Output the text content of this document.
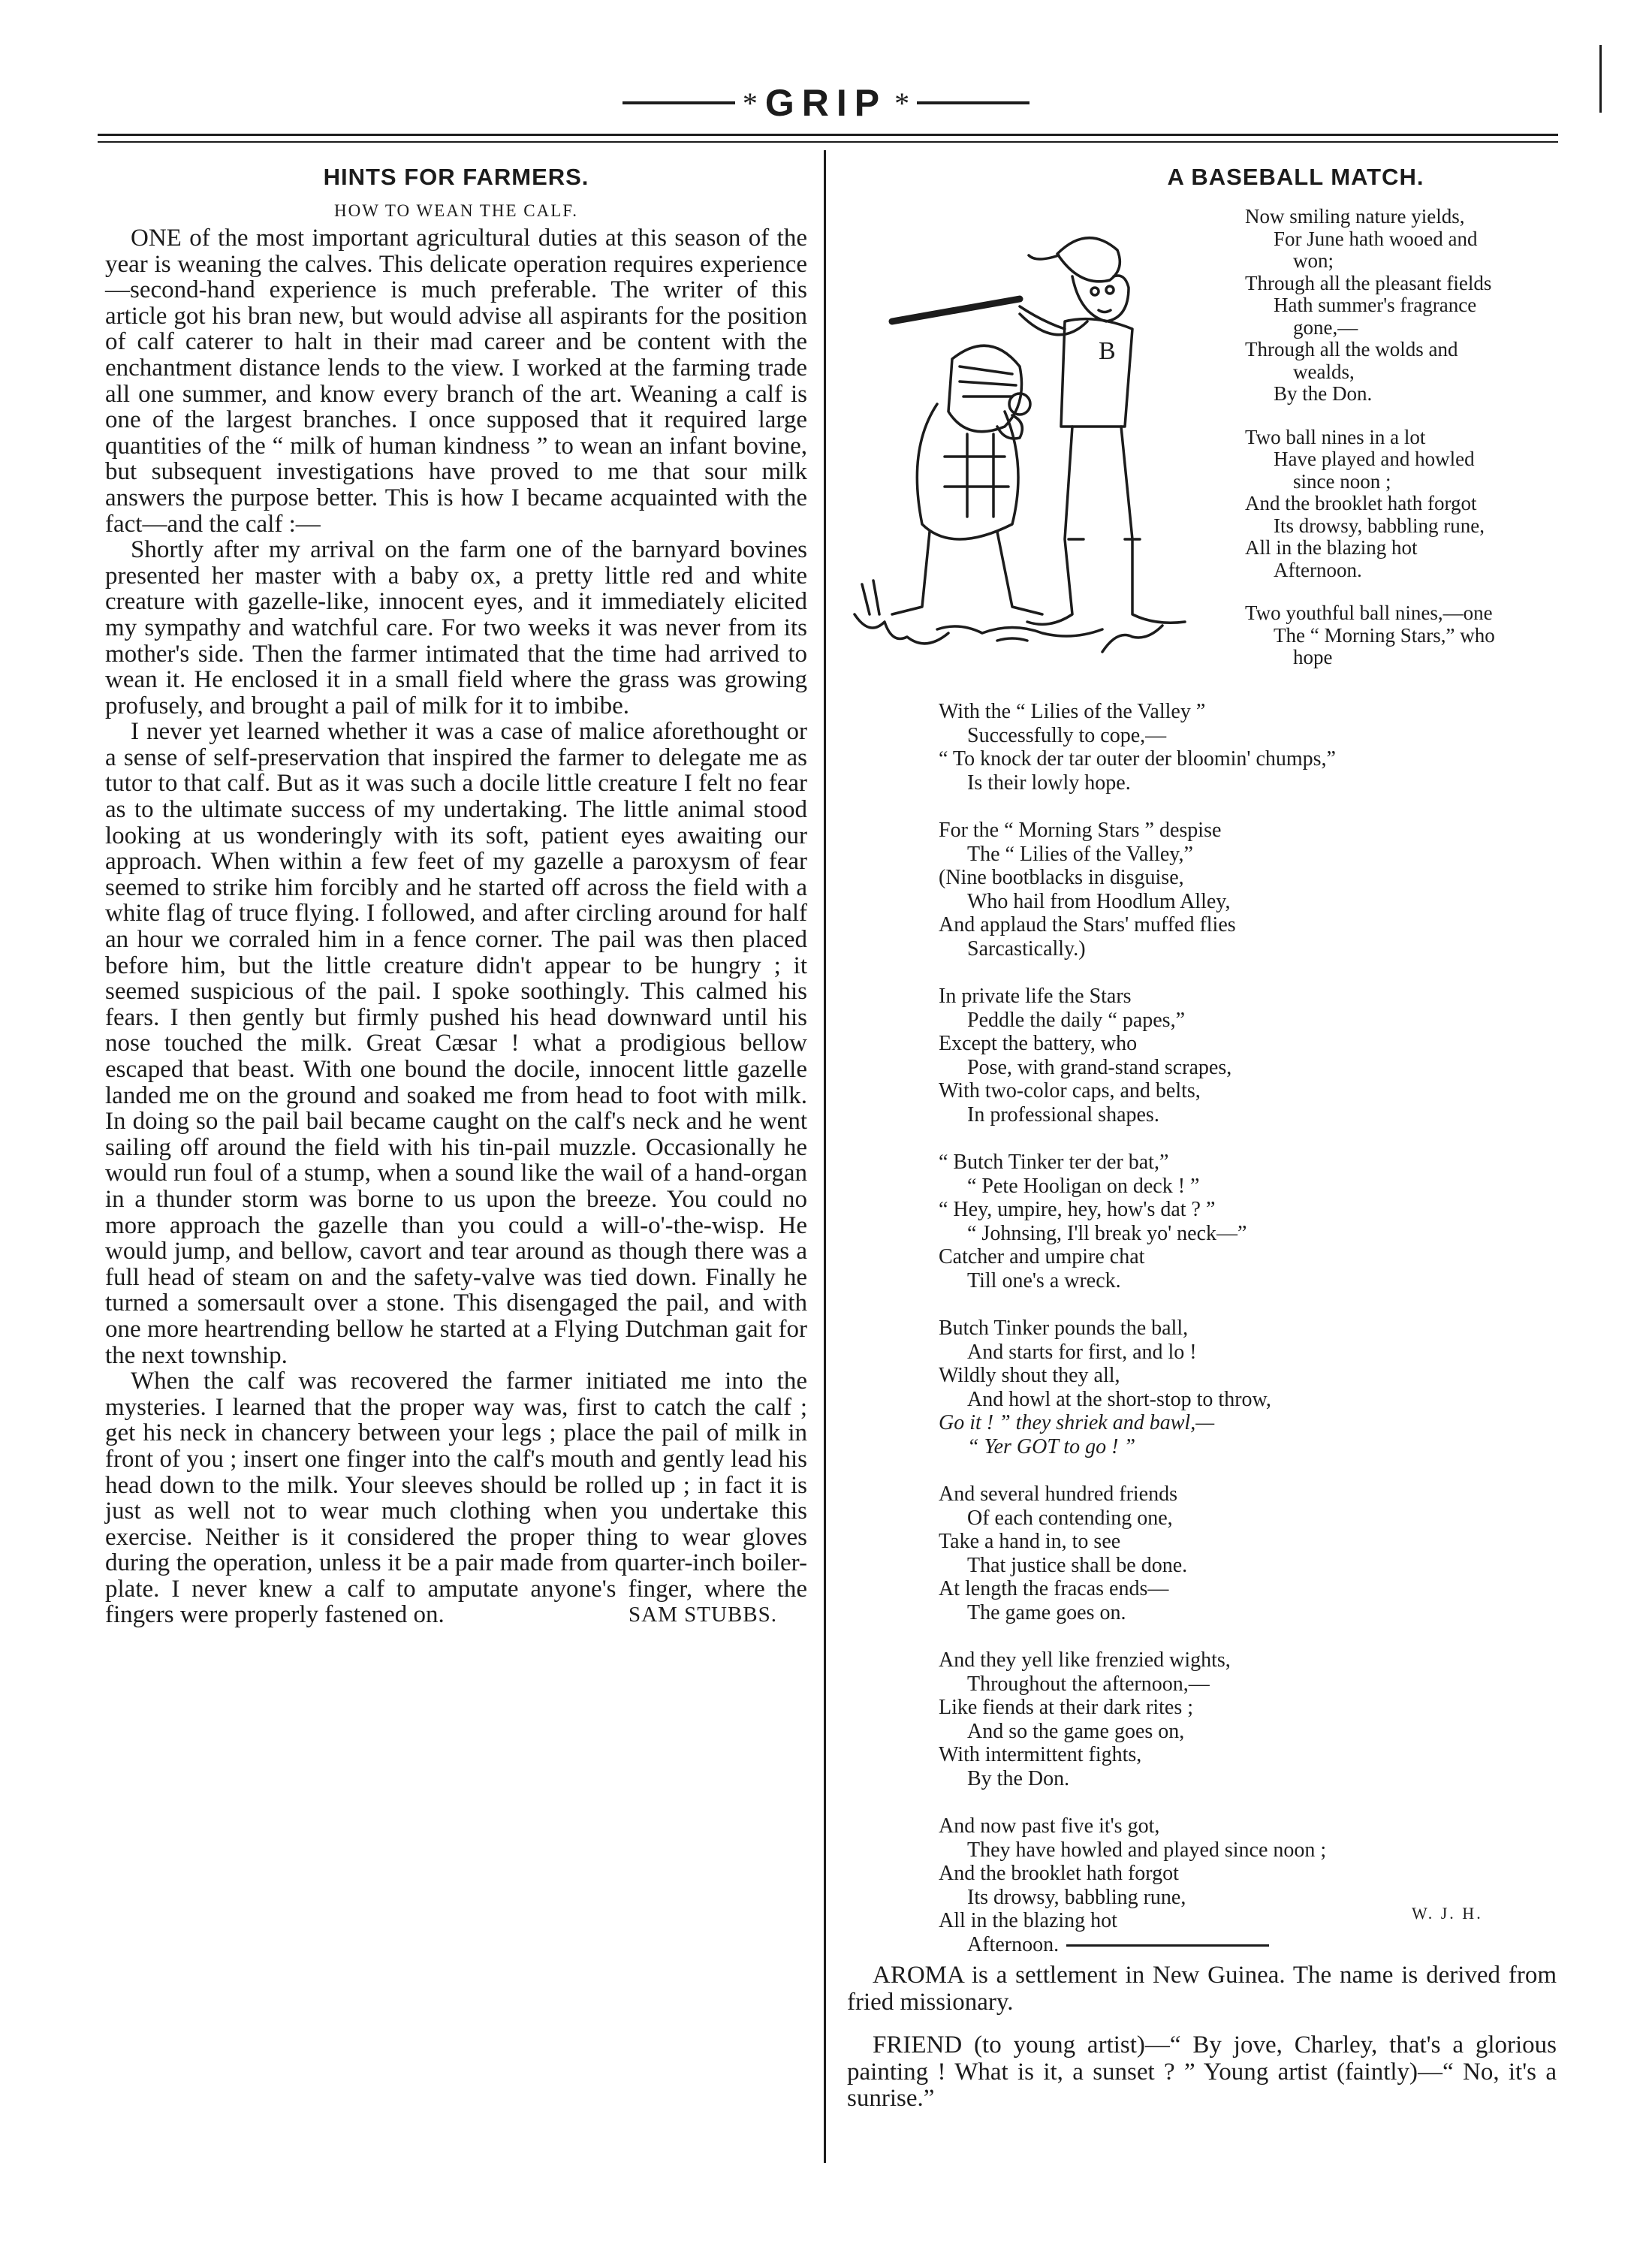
* GRIP *
HINTS FOR FARMERS.
HOW TO WEAN THE CALF.

ONE of the most important agricultural duties at this season of the year is weaning the calves. This delicate operation requires experience—second-hand experience is much preferable. The writer of this article got his bran new, but would advise all aspirants for the position of calf caterer to halt in their mad career and be content with the enchantment distance lends to the view. I worked at the farming trade all one summer, and know every branch of the art. Weaning a calf is one of the largest branches. I once supposed that it required large quantities of the “ milk of human kindness ” to wean an infant bovine, but subsequent investigations have proved to me that sour milk answers the purpose better. This is how I became acquainted with the fact—and the calf :—

Shortly after my arrival on the farm one of the barnyard bovines presented her master with a baby ox, a pretty little red and white creature with gazelle-like, innocent eyes, and it immediately elicited my sympathy and watchful care. For two weeks it was never from its mother's side. Then the farmer intimated that the time had arrived to wean it. He enclosed it in a small field where the grass was growing profusely, and brought a pail of milk for it to imbibe.

I never yet learned whether it was a case of malice aforethought or a sense of self-preservation that inspired the farmer to delegate me as tutor to that calf. But as it was such a docile little creature I felt no fear as to the ultimate success of my undertaking. The little animal stood looking at us wonderingly with its soft, patient eyes awaiting our approach. When within a few feet of my gazelle a paroxysm of fear seemed to strike him forcibly and he started off across the field with a white flag of truce flying. I followed, and after circling around for half an hour we corraled him in a fence corner. The pail was then placed before him, but the little creature didn't appear to be hungry ; it seemed suspicious of the pail. I spoke soothingly. This calmed his fears. I then gently but firmly pushed his head downward until his nose touched the milk. Great Cæsar ! what a prodigious bellow escaped that beast. With one bound the docile, innocent little gazelle landed me on the ground and soaked me from head to foot with milk. In doing so the pail bail became caught on the calf's neck and he went sailing off around the field with his tin-pail muzzle. Occasionally he would run foul of a stump, when a sound like the wail of a hand-organ in a thunder storm was borne to us upon the breeze. You could no more approach the gazelle than you could a will-o'-the-wisp. He would jump, and bellow, cavort and tear around as though there was a full head of steam on and the safety-valve was tied down. Finally he turned a somersault over a stone. This disengaged the pail, and with one more heartrending bellow he started at a Flying Dutchman gait for the next township.

When the calf was recovered the farmer initiated me into the mysteries. I learned that the proper way was, first to catch the calf ; get his neck in chancery between your legs ; place the pail of milk in front of you ; insert one finger into the calf's mouth and gently lead his head down to the milk. Your sleeves should be rolled up ; in fact it is just as well not to wear much clothing when you undertake this exercise. Neither is it considered the proper thing to wear gloves during the operation, unless it be a pair made from quarter-inch boiler-plate. I never knew a calf to amputate anyone's finger, where the fingers were properly fastened on.	SAM STUBBS.
A BASEBALL MATCH.
B
Now smiling nature yields,
For June hath wooed and
won;
Through all the pleasant fields
Hath summer's fragrance
gone,—
Through all the wolds and
wealds,
By the Don.
Two ball nines in a lot
Have played and howled
since noon ;
And the brooklet hath forgot
Its drowsy, babbling rune,
All in the blazing hot
Afternoon.
Two youthful ball nines,—one
The “ Morning Stars,” who
hope
With the “ Lilies of the Valley ”
Successfully to cope,—
“ To knock der tar outer der bloomin' chumps,”
Is their lowly hope.
For the “ Morning Stars ” despise
The “ Lilies of the Valley,”
(Nine bootblacks in disguise,
Who hail from Hoodlum Alley,
And applaud the Stars' muffed flies
Sarcastically.)
In private life the Stars
Peddle the daily “ papes,”
Except the battery, who
Pose, with grand-stand scrapes,
With two-color caps, and belts,
In professional shapes.
“ Butch Tinker ter der bat,”
“ Pete Hooligan on deck ! ”
“ Hey, umpire, hey, how's dat ? ”
“ Johnsing, I'll break yo' neck—”
Catcher and umpire chat
Till one's a wreck.
Butch Tinker pounds the ball,
And starts for first, and lo !
Wildly shout they all,
And howl at the short-stop to throw,
Go it ! ” they shriek and bawl,—
“ Yer GOT to go ! ”
And several hundred friends
Of each contending one,
Take a hand in, to see
That justice shall be done.
At length the fracas ends—
The game goes on.
And they yell like frenzied wights,
Throughout the afternoon,—
Like fiends at their dark rites ;
And so the game goes on,
With intermittent fights,
By the Don.
And now past five it's got,
They have howled and played since noon ;
And the brooklet hath forgot
Its drowsy, babbling rune,
All in the blazing hot
Afternoon.
W. J. H.

AROMA is a settlement in New Guinea. The name is derived from fried missionary.

FRIEND (to young artist)—“ By jove, Charley, that's a glorious painting ! What is it, a sunset ? ” Young artist (faintly)—“ No, it's a sunrise.”
